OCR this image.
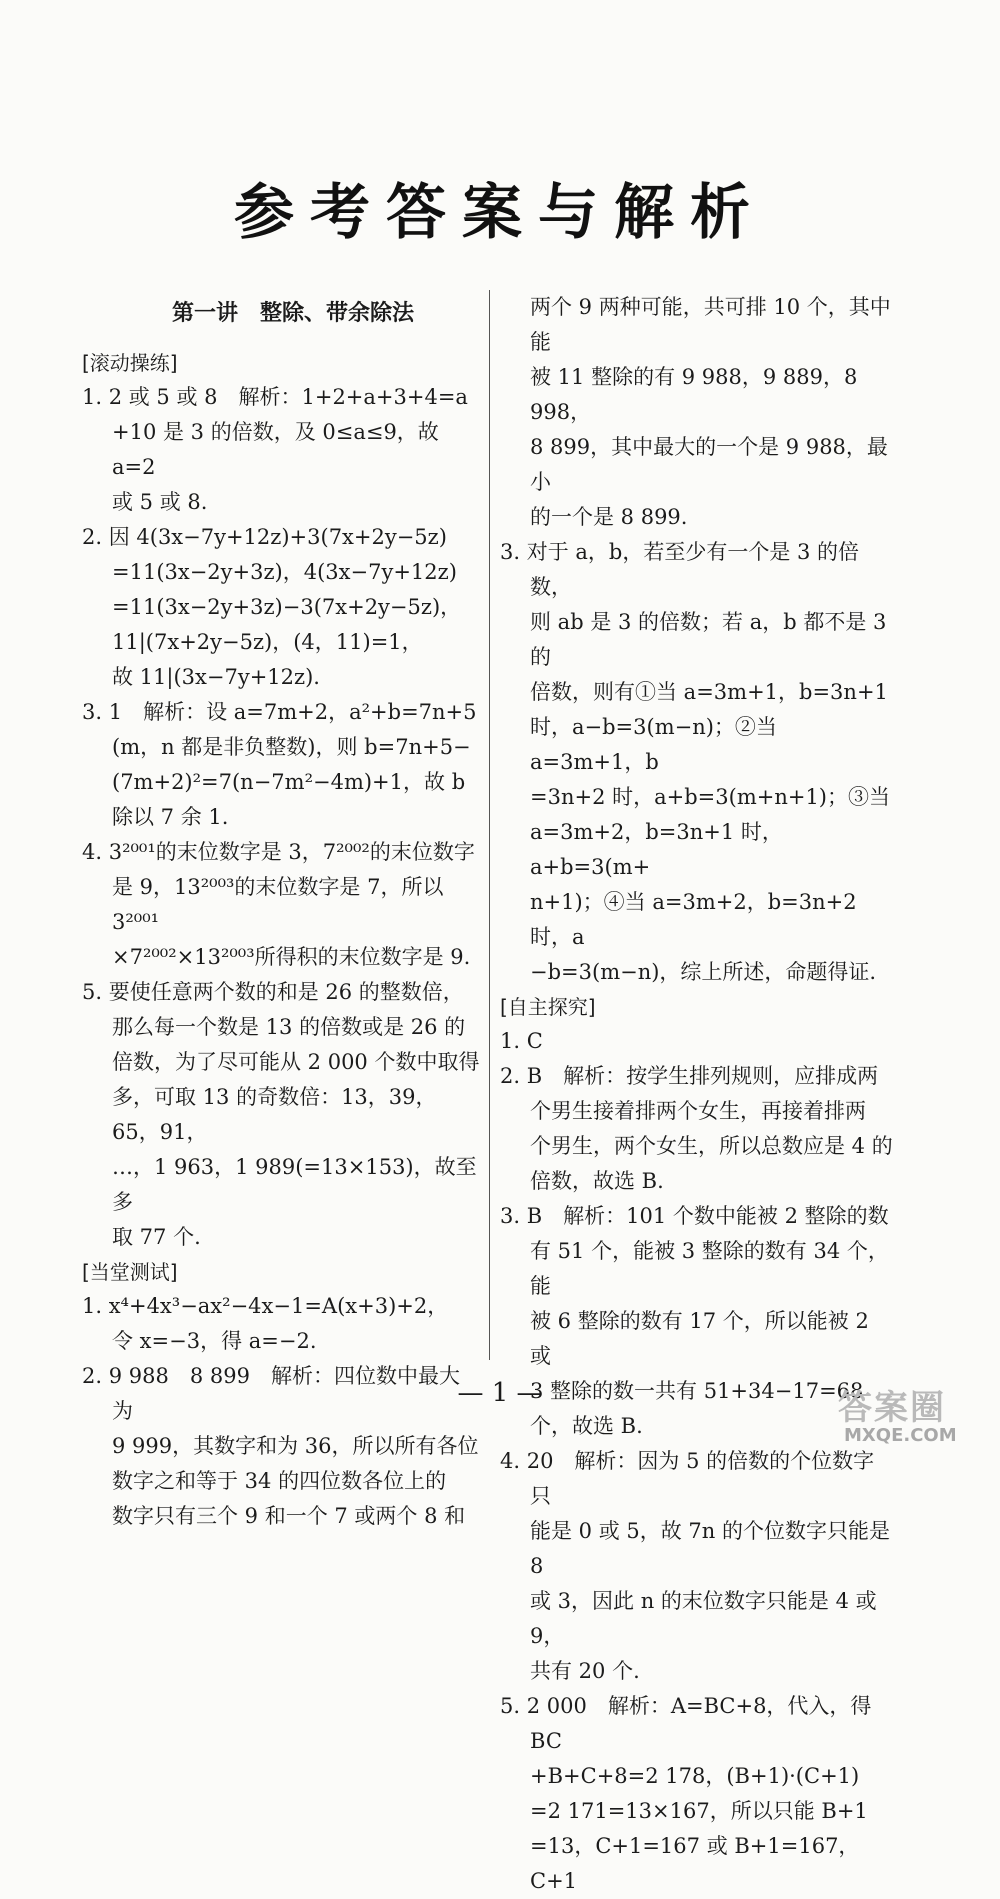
参考答案与解析
第一讲　整除、带余除法
[滚动操练]
1. 2 或 5 或 8　解析：1+2+a+3+4=a
+10 是 3 的倍数，及 0≤a≤9，故 a=2
或 5 或 8.
2. 因 4(3x−7y+12z)+3(7x+2y−5z)
=11(3x−2y+3z)，4(3x−7y+12z)
=11(3x−2y+3z)−3(7x+2y−5z)，
11|(7x+2y−5z)，(4，11)=1，
故 11|(3x−7y+12z).
3. 1　解析：设 a=7m+2，a²+b=7n+5
(m，n 都是非负整数)，则 b=7n+5−
(7m+2)²=7(n−7m²−4m)+1，故 b
除以 7 余 1.
4. 3²⁰⁰¹的末位数字是 3，7²⁰⁰²的末位数字
是 9，13²⁰⁰³的末位数字是 7，所以 3²⁰⁰¹
×7²⁰⁰²×13²⁰⁰³所得积的末位数字是 9.
5. 要使任意两个数的和是 26 的整数倍，
那么每一个数是 13 的倍数或是 26 的
倍数，为了尽可能从 2 000 个数中取得
多，可取 13 的奇数倍：13，39，65，91，
…，1 963，1 989(=13×153)，故至多
取 77 个.
[当堂测试]
1. x⁴+4x³−ax²−4x−1=A(x+3)+2，
令 x=−3，得 a=−2.
2. 9 988　8 899　解析：四位数中最大为
9 999，其数字和为 36，所以所有各位
数字之和等于 34 的四位数各位上的
数字只有三个 9 和一个 7 或两个 8 和
两个 9 两种可能，共可排 10 个，其中能
被 11 整除的有 9 988，9 889，8 998，
8 899，其中最大的一个是 9 988，最小
的一个是 8 899.
3. 对于 a，b，若至少有一个是 3 的倍数，
则 ab 是 3 的倍数；若 a，b 都不是 3 的
倍数，则有①当 a=3m+1，b=3n+1
时，a−b=3(m−n)；②当 a=3m+1，b
=3n+2 时，a+b=3(m+n+1)；③当
a=3m+2，b=3n+1 时，a+b=3(m+
n+1)；④当 a=3m+2，b=3n+2 时，a
−b=3(m−n)，综上所述，命题得证.
[自主探究]
1. C
2. B　解析：按学生排列规则，应排成两
个男生接着排两个女生，再接着排两
个男生，两个女生，所以总数应是 4 的
倍数，故选 B.
3. B　解析：101 个数中能被 2 整除的数
有 51 个，能被 3 整除的数有 34 个，能
被 6 整除的数有 17 个，所以能被 2 或
3 整除的数一共有 51+34−17=68
个，故选 B.
4. 20　解析：因为 5 的倍数的个位数字只
能是 0 或 5，故 7n 的个位数字只能是 8
或 3，因此 n 的末位数字只能是 4 或 9，
共有 20 个.
5. 2 000　解析：A=BC+8，代入，得 BC
+B+C+8=2 178，(B+1)·(C+1)
=2 171=13×167，所以只能 B+1
=13，C+1=167 或 B+1=167，C+1
— 1 —	答案圈
MXQE.COM
